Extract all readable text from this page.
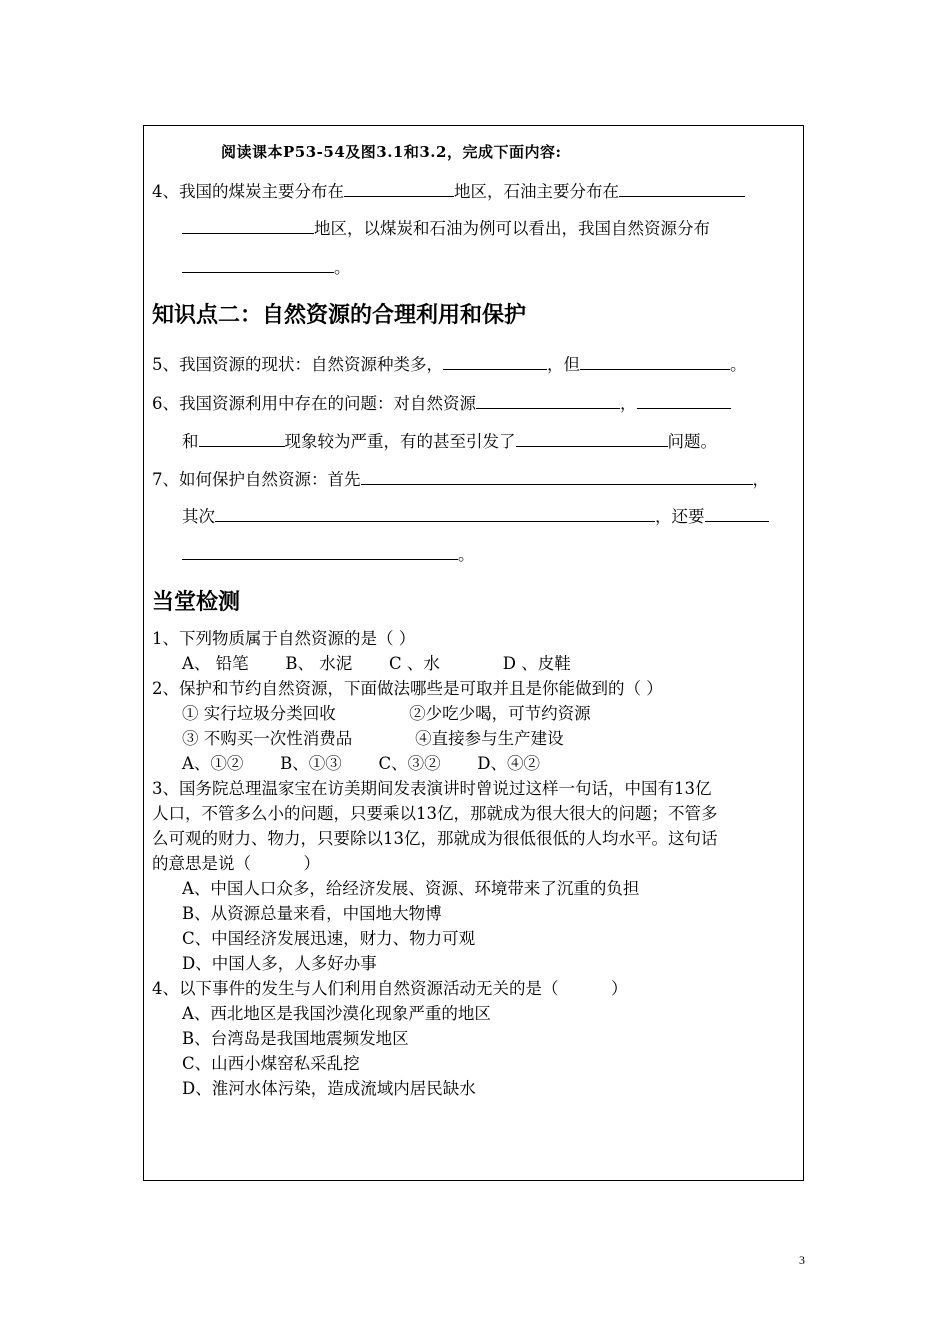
阅读课本P53-54及图3.1和3.2，完成下面内容:
4、我国的煤炭主要分布在	地区，石油主要分布在
地区，以煤炭和石油为例可以看出，我国自然资源分布
。
知识点二：自然资源的合理利用和保护
5、我国资源的现状：自然资源种类多，	，但	。
6、我国资源利用中存在的问题：对自然资源	，
和	现象较为严重，有的甚至引发了	问题。
7、如何保护自然资源：首先	，
其次	，还要
。
当堂检测
1、下列物质属于自然资源的是（ ）
A、 铅笔       B、 水泥       C 、水            D 、皮鞋
2、保护和节约自然资源，下面做法哪些是可取并且是你能做到的（ ）
① 实行垃圾分类回收              ②少吃少喝，可节约资源
③ 不购买一次性消费品            ④直接参与生产建设
A、①②       B、①③       C、③②       D、④②
3、国务院总理温家宝在访美期间发表演讲时曾说过这样一句话，中国有13亿
人口，不管多么小的问题，只要乘以13亿，那就成为很大很大的问题；不管多
么可观的财力、物力，只要除以13亿，那就成为很低很低的人均水平。这句话
的意思是说（          ）
A、中国人口众多，给经济发展、资源、环境带来了沉重的负担
B、从资源总量来看，中国地大物博
C、中国经济发展迅速，财力、物力可观
D、中国人多，人多好办事
4、以下事件的发生与人们利用自然资源活动无关的是（          ）
A、西北地区是我国沙漠化现象严重的地区
B、台湾岛是我国地震频发地区
C、山西小煤窑私采乱挖
D、淮河水体污染，造成流域内居民缺水
3
